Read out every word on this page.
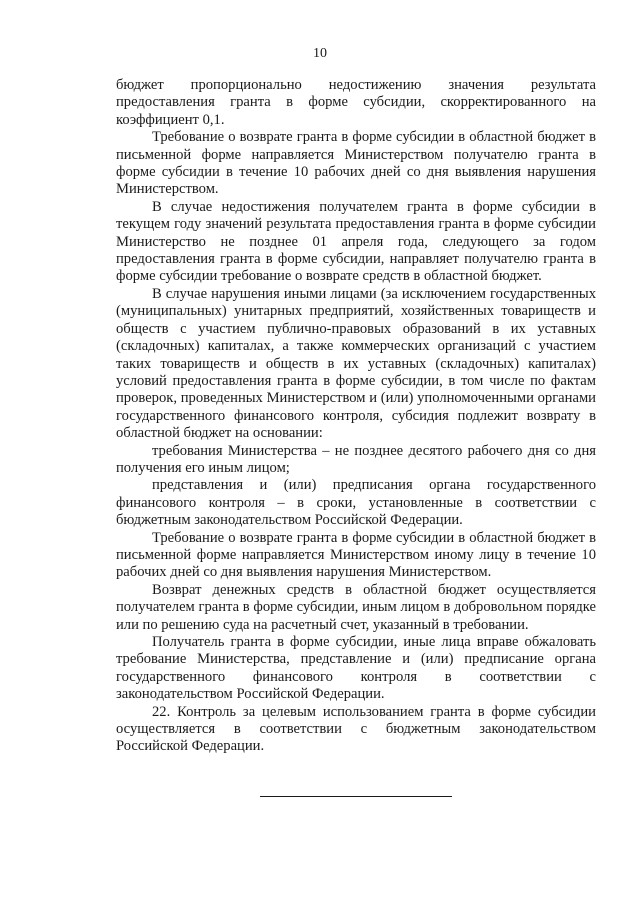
10

бюджет пропорционально недостижению значения результата предоставления гранта в форме субсидии, скорректированного на коэффициент 0,1.

Требование о возврате гранта в форме субсидии в областной бюджет в письменной форме направляется Министерством получателю гранта в форме субсидии в течение 10 рабочих дней со дня выявления нарушения Министерством.

В случае недостижения получателем гранта в форме субсидии в текущем году значений результата предоставления гранта в форме субсидии Министерство не позднее 01 апреля года, следующего за годом предоставления гранта в форме субсидии, направляет получателю гранта в форме субсидии требование о возврате средств в областной бюджет.

В случае нарушения иными лицами (за исключением государственных (муниципальных) унитарных предприятий, хозяйственных товариществ и обществ с участием публично-правовых образований в их уставных (складочных) капиталах, а также коммерческих организаций с участием таких товариществ и обществ в их уставных (складочных) капиталах) условий предоставления гранта в форме субсидии, в том числе по фактам проверок, проведенных Министерством и (или) уполномоченными органами государственного финансового контроля, субсидия подлежит возврату в областной бюджет на основании:

требования Министерства – не позднее десятого рабочего дня со дня получения его иным лицом;

представления и (или) предписания органа государственного финансового контроля – в сроки, установленные в соответствии с бюджетным законодательством Российской Федерации.

Требование о возврате гранта в форме субсидии в областной бюджет в письменной форме направляется Министерством иному лицу в течение 10 рабочих дней со дня выявления нарушения Министерством.

Возврат денежных средств в областной бюджет осуществляется получателем гранта в форме субсидии, иным лицом в добровольном порядке или по решению суда на расчетный счет, указанный в требовании.

Получатель гранта в форме субсидии, иные лица вправе обжаловать требование Министерства, представление и (или) предписание органа государственного финансового контроля в соответствии с законодательством Российской Федерации.

22. Контроль за целевым использованием гранта в форме субсидии осуществляется в соответствии с бюджетным законодательством Российской Федерации.
